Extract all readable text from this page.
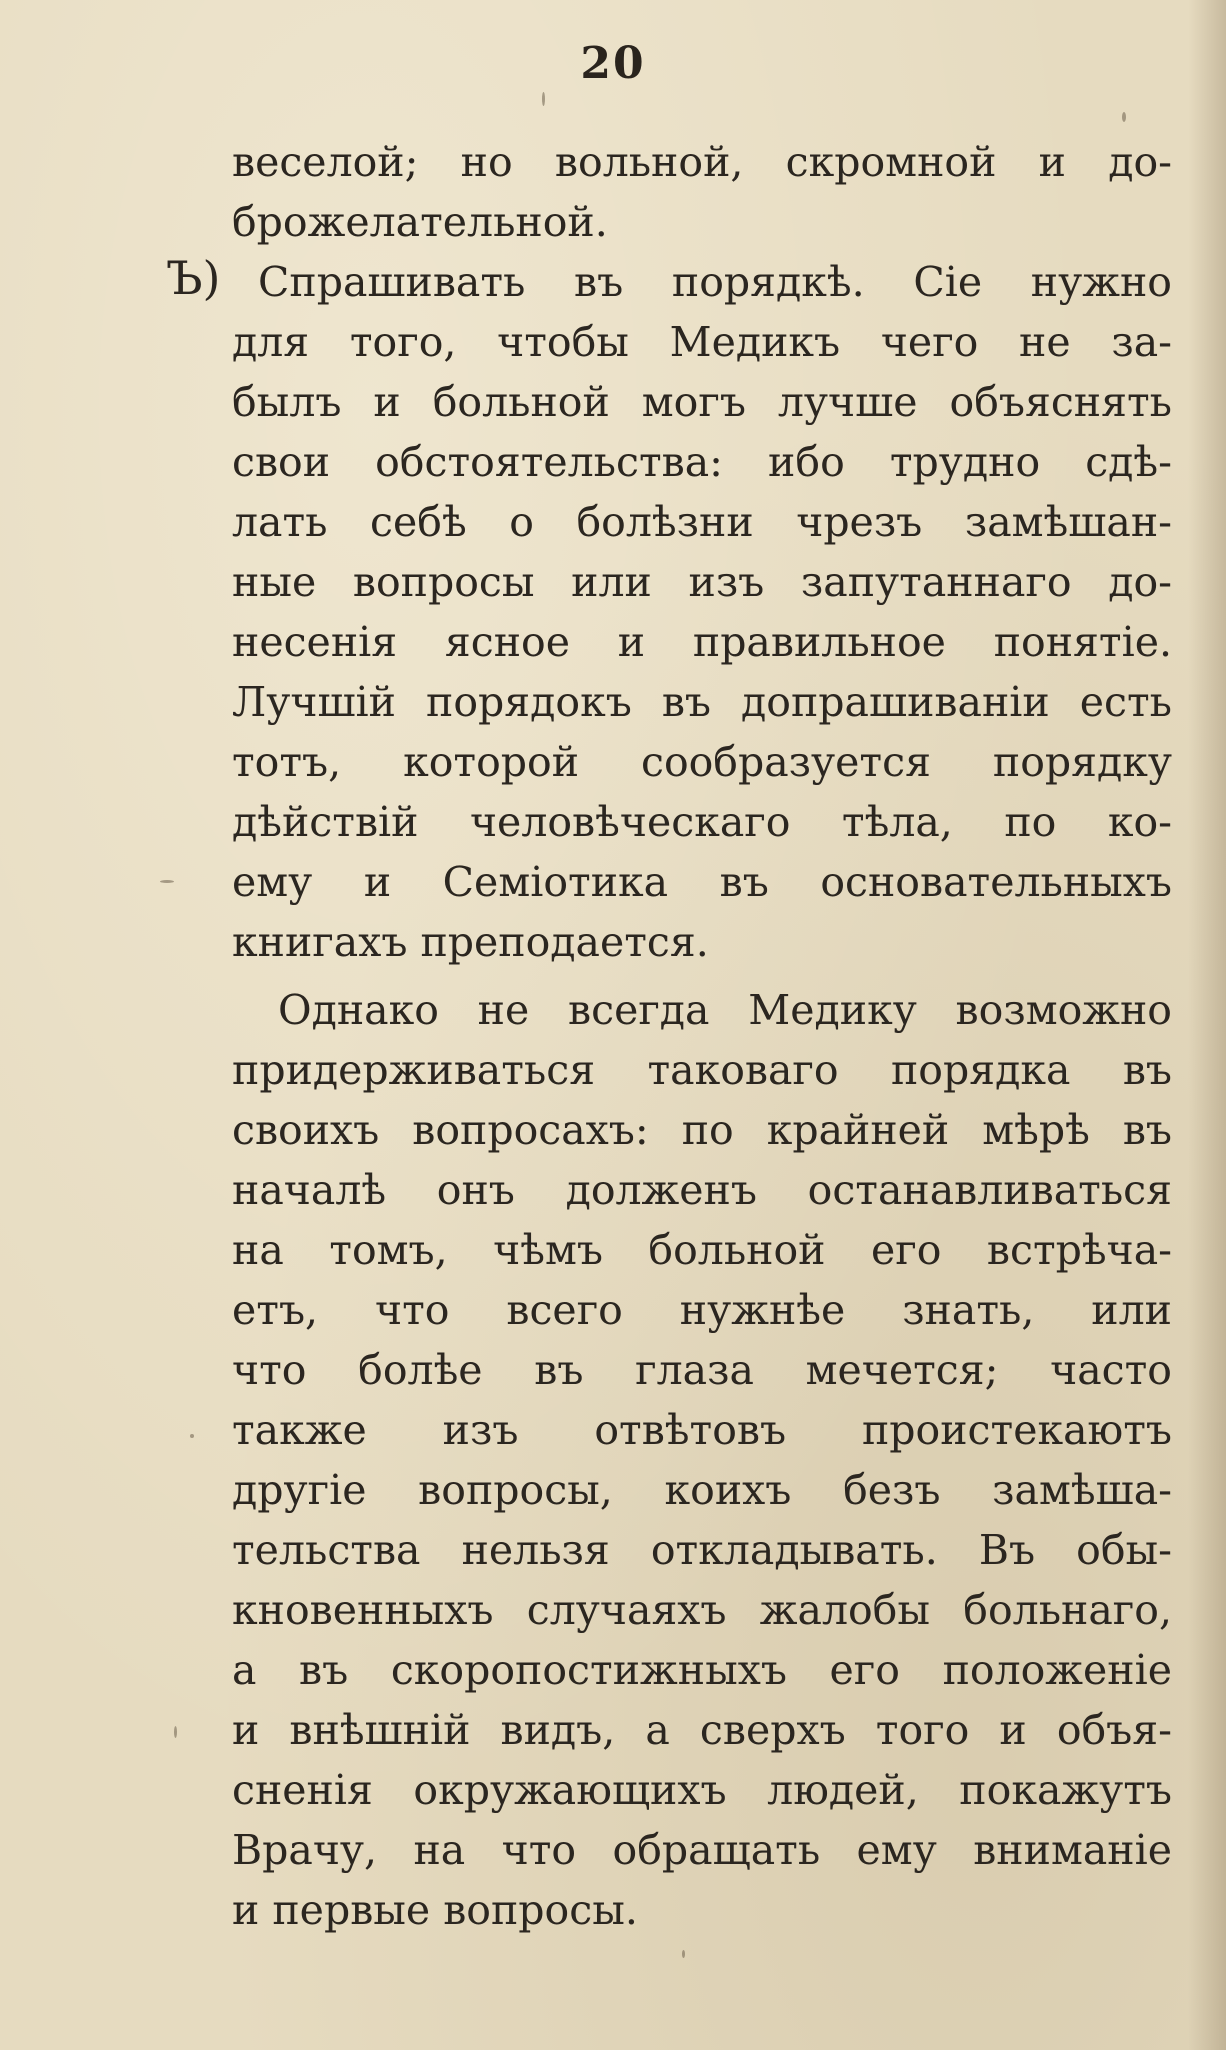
20
Ъ)
веселой; но вольной, скромной и до-
брожелательной.
Спрашивать въ порядкѣ. Сіе нужно
для того, чтобы Медикъ чего не за-
былъ и больной могъ лучше объяснять
свои обстоятельства: ибо трудно сдѣ-
лать себѣ о болѣзни чрезъ замѣшан-
ные вопросы или изъ запутаннаго до-
несенія ясное и правильное понятіе.
Лучшій порядокъ въ допрашиваніи есть
тотъ, которой сообразуется порядку
дѣйствій человѣческаго тѣла, по ко-
ему и Семіотика въ основательныхъ
книгахъ преподается.
Однако не всегда Медику возможно
придерживаться таковаго порядка въ
своихъ вопросахъ: по крайней мѣрѣ въ
началѣ онъ долженъ останавливаться
на томъ, чѣмъ больной его встрѣча-
етъ, что всего нужнѣе знать, или
что болѣе въ глаза мечется; часто
также изъ отвѣтовъ проистекаютъ
другіе вопросы, коихъ безъ замѣша-
тельства нельзя откладывать. Въ обы-
кновенныхъ случаяхъ жалобы больнаго,
а въ скоропостижныхъ его положеніе
и внѣшній видъ, а сверхъ того и объя-
сненія окружающихъ людей, покажутъ
Врачу, на что обращать ему вниманіе
и первые вопросы.
